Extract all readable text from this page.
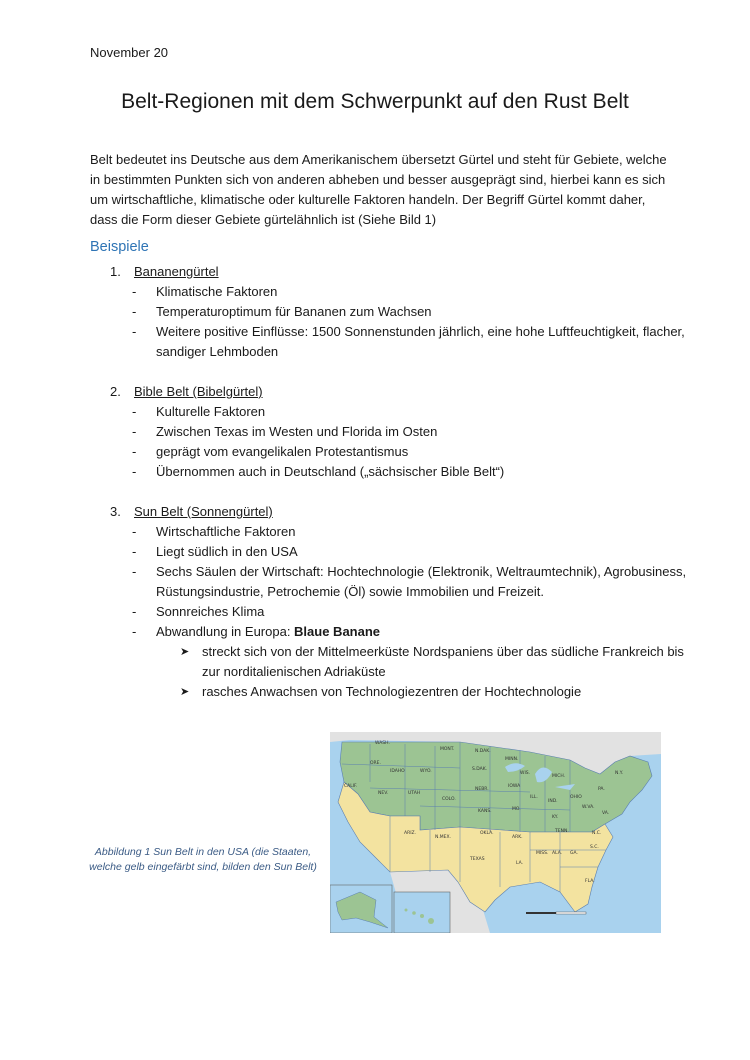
November 20
Belt-Regionen mit dem Schwerpunkt auf den Rust Belt

Belt bedeutet ins Deutsche aus dem Amerikanischem übersetzt Gürtel und steht für Gebiete, welche in bestimmten Punkten sich von anderen abheben und besser ausgeprägt sind, hierbei kann es sich um wirtschaftliche, klimatische oder kulturelle Faktoren handeln. Der Begriff Gürtel kommt daher, dass die Form dieser Gebiete gürtelähnlich ist (Siehe Bild 1)

Beispiele
1. Bananengürtel
- Klimatische Faktoren
- Temperaturoptimum für Bananen zum Wachsen
- Weitere positive Einflüsse: 1500 Sonnenstunden jährlich, eine hohe Luftfeuchtigkeit, flacher, sandiger Lehmboden
2. Bible Belt (Bibelgürtel)
- Kulturelle Faktoren
- Zwischen Texas im Westen und Florida im Osten
- geprägt vom evangelikalen Protestantismus
- Übernommen auch in Deutschland („sächsischer Bible Belt“)
3. Sun Belt (Sonnengürtel)
- Wirtschaftliche Faktoren
- Liegt südlich in den USA
- Sechs Säulen der Wirtschaft: Hochtechnologie (Elektronik, Weltraumtechnik), Agrobusiness, Rüstungsindustrie, Petrochemie (Öl) sowie Immobilien und Freizeit.
- Sonnreiches Klima
- Abwandlung in Europa: Blaue Banane
➤ streckt sich von der Mittelmeerküste Nordspaniens über das südliche Frankreich bis zur norditalienischen Adriaküste
➤ rasches Anwachsen von Technologiezentren der Hochtechnologie
Abbildung 1 Sun Belt in den USA (die Staaten, welche gelb eingefärbt sind, bilden den Sun Belt)
WASH.
MONT.	N.DAK.
MINN.
ORE.
IDAHO	WYO.	S.DAK.
WIS.
MICH.
NEV.	UTAH
COLO.
NEBR.
IOWA
ILL.
IND.
OHIO
PA.
N.Y.
CALIF.
KANS.	MO.
KY.
W.VA.
VA.
ARIZ.
N.MEX.
OKLA.
ARK.
TENN.	N.C.
TEXAS
LA.
MISS. ALA. GA.
S.C.
FLA.
